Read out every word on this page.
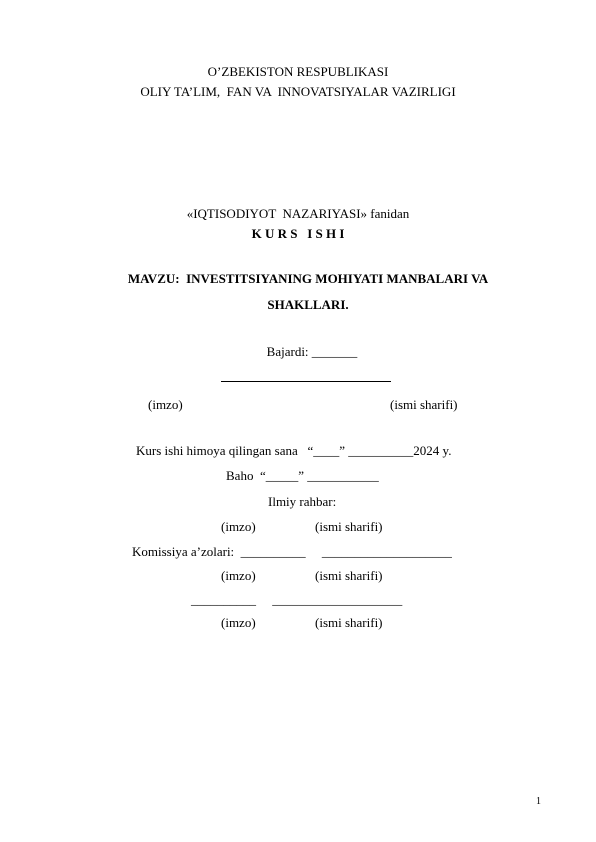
O’ZBEKISTON RESPUBLIKASI
OLIY TA’LIM,  FAN VA  INNOVATSIYALAR VAZIRLIGI
«IQTISODIYOT  NAZARIYASI» fanidan
K U R S   I S H I
MAVZU:  INVESTITSIYANING MOHIYATI MANBALARI VA
SHAKLLARI.
Bajardi: _______
(imzo)	(ismi sharifi)
Kurs ishi himoya qilingan sana   “____” __________2024 y.
Baho  “_____” ___________
Ilmiy rahbar:
(imzo)	(ismi sharifi)
Komissiya a’zolari:  __________     ____________________
(imzo)	(ismi sharifi)
__________     ____________________
(imzo)	(ismi sharifi)
1
